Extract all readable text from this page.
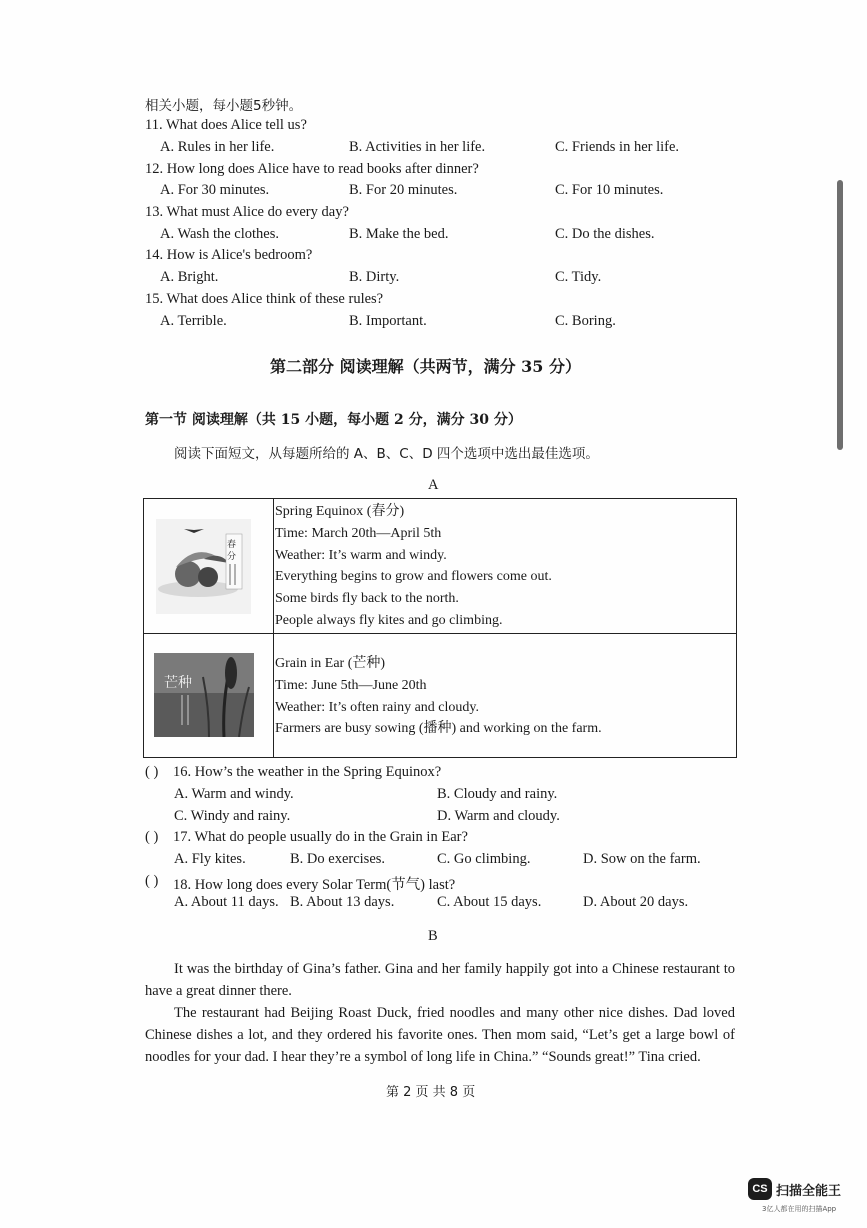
相关小题，每小题5秒钟。
11. What does Alice tell us?
A. Rules in her life.	B. Activities in her life.	C. Friends in her life.
12. How long does Alice have to read books after dinner?
A. For 30 minutes.	B. For 20 minutes.	C. For 10 minutes.
13. What must Alice do every day?
A. Wash the clothes.	B. Make the bed.	C. Do the dishes.
14. How is Alice's bedroom?
A. Bright.	B. Dirty.	C. Tidy.
15. What does Alice think of these rules?
A. Terrible.	B. Important.	C. Boring.
第二部分 阅读理解（共两节，满分 35 分）
第一节 阅读理解（共 15 小题，每小题 2 分，满分 30 分）
阅读下面短文，从每题所给的 A、B、C、D 四个选项中选出最佳选项。
A
春
分
Spring Equinox (春分)
Time: March 20th—April 5th
Weather: It’s warm and windy.
Everything begins to grow and flowers come out.
Some birds fly back to the north.
People always fly kites and go climbing.
芒种
Grain in Ear (芒种)
Time: June 5th—June 20th
Weather: It’s often rainy and cloudy.
Farmers are busy sowing (播种) and working on the farm.
( ) 16. How’s the weather in the Spring Equinox?
A. Warm and windy.	B. Cloudy and rainy.
C. Windy and rainy.	D. Warm and cloudy.
( ) 17. What do people usually do in the Grain in Ear?
A. Fly kites.	B. Do exercises.	C. Go climbing.	D. Sow on the farm.
( ) 18. How long does every Solar Term(节气) last?
A. About 11 days. B. About 13 days.	C. About 15 days.	D. About 20 days.
B
It was the birthday of Gina’s father. Gina and her family happily got into a Chinese restaurant to have a great dinner there.
The restaurant had Beijing Roast Duck, fried noodles and many other nice dishes. Dad loved Chinese dishes a lot, and they ordered his favorite ones. Then mom said, “Let’s get a large bowl of noodles for your dad. I hear they’re a symbol of long life in China.” “Sounds great!” Tina cried.
第 2 页 共 8 页
CS 扫描全能王
3亿人都在用的扫描App
